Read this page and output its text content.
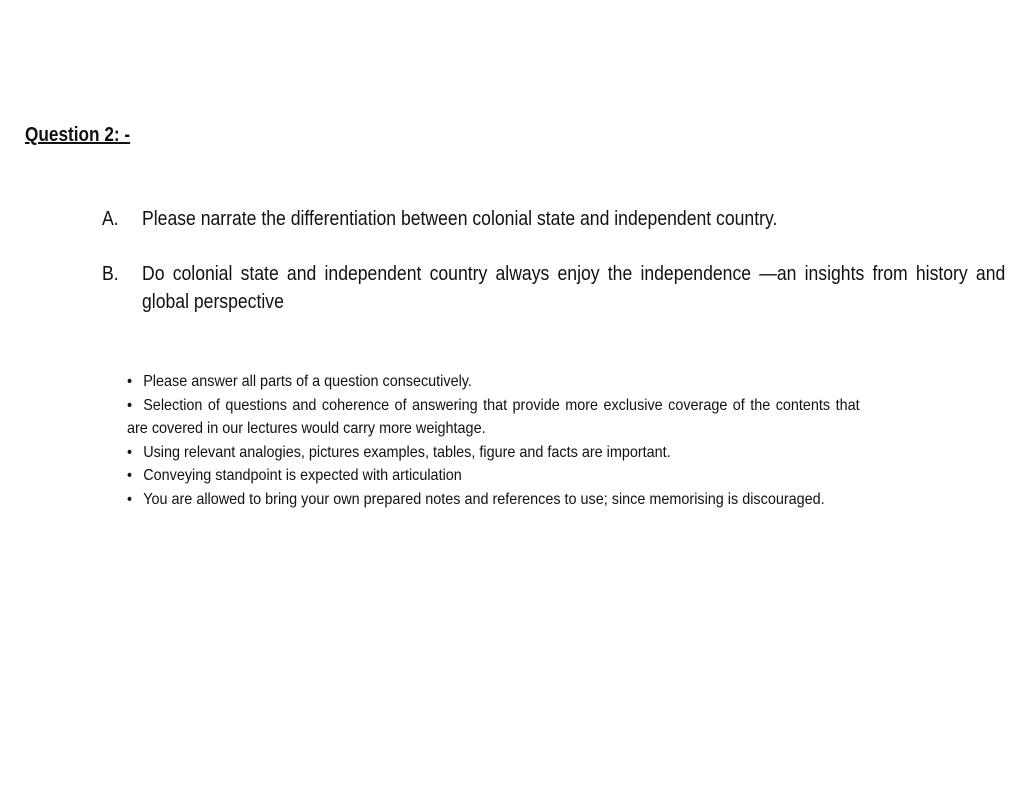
Question 2: -
A.	Please narrate the differentiation between colonial state and independent country.
B.	Do colonial state and independent country always enjoy the independence —an insights from history and global perspective
• Please answer all parts of a question consecutively.
• Selection of questions and coherence of answering that provide more exclusive coverage of the contents that are covered in our lectures would carry more weightage.
• Using relevant analogies, pictures examples, tables, figure and facts are important.
• Conveying standpoint is expected with articulation
• You are allowed to bring your own prepared notes and references to use; since memorising is discouraged.
